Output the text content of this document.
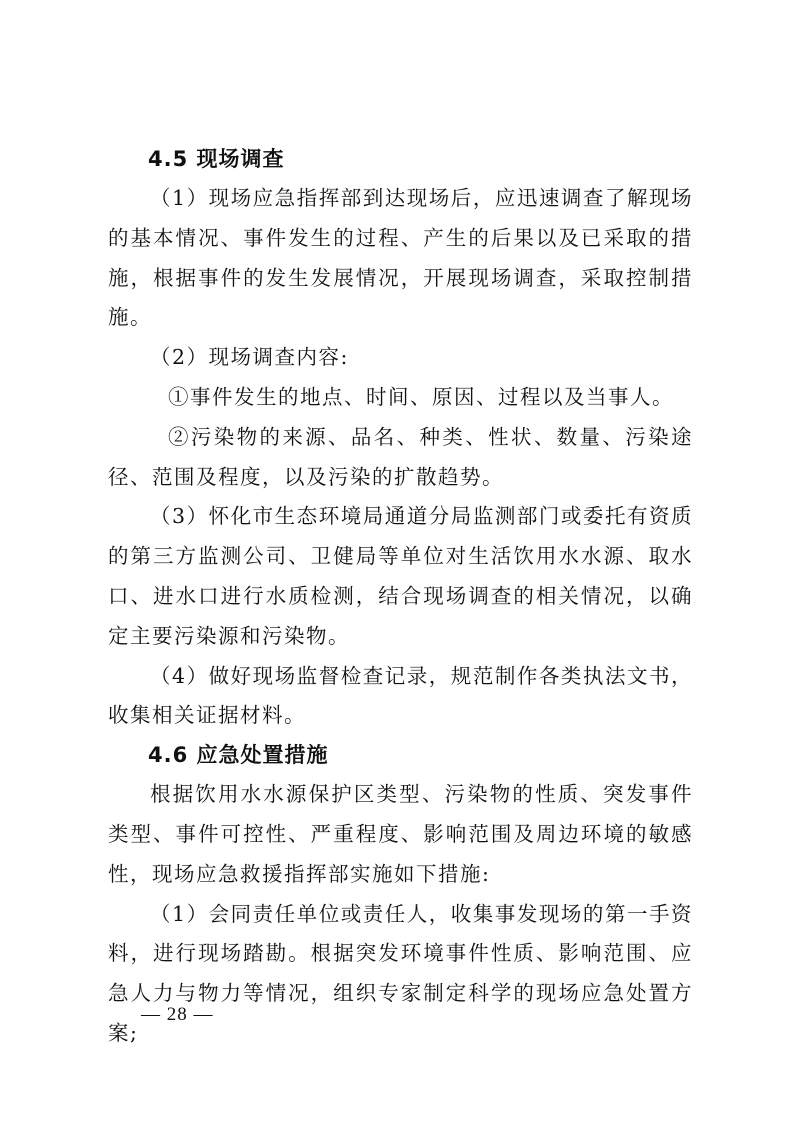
4.5 现场调查

（1）现场应急指挥部到达现场后，应迅速调查了解现场的基本情况、事件发生的过程、产生的后果以及已采取的措施，根据事件的发生发展情况，开展现场调查，采取控制措施。

（2）现场调查内容:

①事件发生的地点、时间、原因、过程以及当事人。

②污染物的来源、品名、种类、性状、数量、污染途径、范围及程度，以及污染的扩散趋势。

（3）怀化市生态环境局通道分局监测部门或委托有资质的第三方监测公司、卫健局等单位对生活饮用水水源、取水口、进水口进行水质检测，结合现场调查的相关情况，以确定主要污染源和污染物。

（4）做好现场监督检查记录，规范制作各类执法文书，收集相关证据材料。

4.6 应急处置措施

根据饮用水水源保护区类型、污染物的性质、突发事件类型、事件可控性、严重程度、影响范围及周边环境的敏感性，现场应急救援指挥部实施如下措施:

（1）会同责任单位或责任人，收集事发现场的第一手资料，进行现场踏勘。根据突发环境事件性质、影响范围、应急人力与物力等情况，组织专家制定科学的现场应急处置方案;

— 28 —
